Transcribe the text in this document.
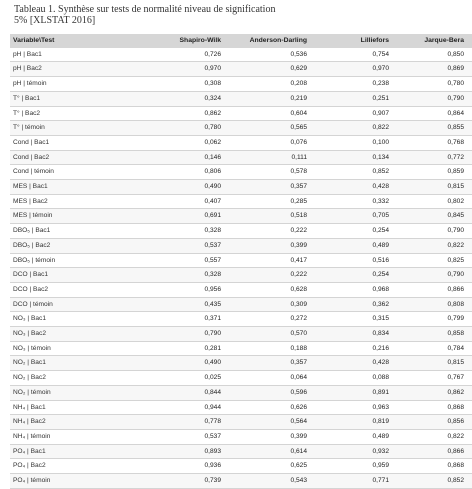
Tableau 1. Synthèse sur tests de normalité niveau de signification
5% [XLSTAT 2016]
Variable\Test	Shapiro-Wilk	Anderson-Darling	Lilliefors	Jarque-Bera
pH | Bac1	0,726	0,536	0,754	0,850
pH | Bac2	0,970	0,629	0,970	0,869
pH | témoin	0,308	0,208	0,238	0,780
T° | Bac1	0,324	0,219	0,251	0,790
T° | Bac2	0,862	0,604	0,907	0,864
T° | témoin	0,780	0,565	0,822	0,855
Cond | Bac1	0,062	0,076	0,100	0,768
Cond | Bac2	0,146	0,111	0,134	0,772
Cond | témoin	0,806	0,578	0,852	0,859
MES | Bac1	0,490	0,357	0,428	0,815
MES | Bac2	0,407	0,285	0,332	0,802
MES | témoin	0,691	0,518	0,705	0,845
DBO₅ | Bac1	0,328	0,222	0,254	0,790
DBO₅ | Bac2	0,537	0,399	0,489	0,822
DBO₅ | témoin	0,557	0,417	0,516	0,825
DCO | Bac1	0,328	0,222	0,254	0,790
DCO | Bac2	0,956	0,628	0,968	0,866
DCO | témoin	0,435	0,309	0,362	0,808
NO₃ | Bac1	0,371	0,272	0,315	0,799
NO₃ | Bac2	0,790	0,570	0,834	0,858
NO₃ | témoin	0,281	0,188	0,216	0,784
NO₂ | Bac1	0,490	0,357	0,428	0,815
NO₂ | Bac2	0,025	0,064	0,088	0,767
NO₂ | témoin	0,844	0,596	0,891	0,862
NH₄ | Bac1	0,944	0,626	0,963	0,868
NH₄ | Bac2	0,778	0,564	0,819	0,856
NH₄ | témoin	0,537	0,399	0,489	0,822
PO₄ | Bac1	0,893	0,614	0,932	0,866
PO₄ | Bac2	0,936	0,625	0,959	0,868
PO₄ | témoin	0,739	0,543	0,771	0,852
